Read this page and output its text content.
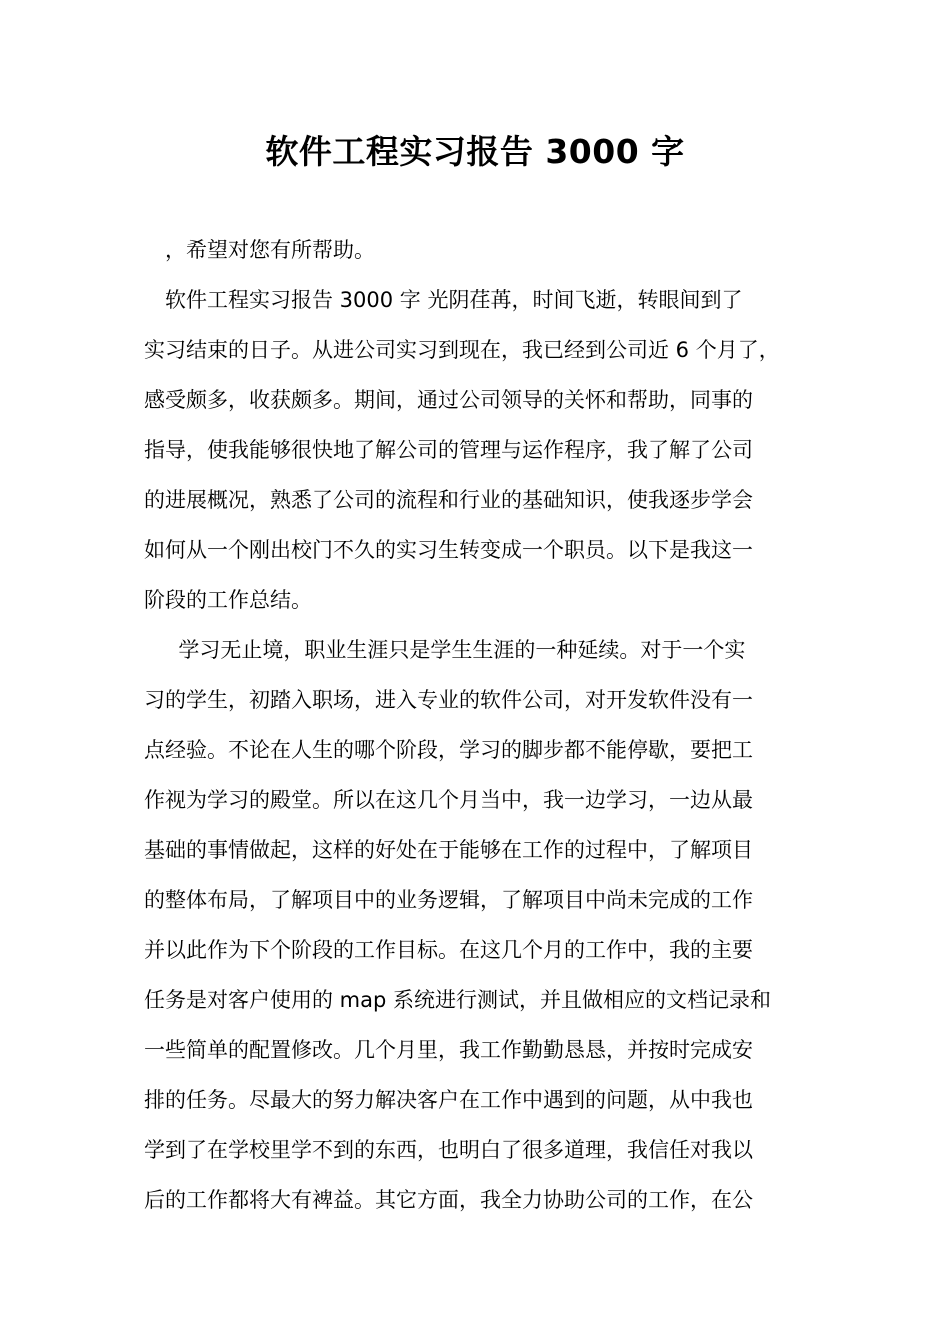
软件工程实习报告 3000 字
　，希望对您有所帮助。
　软件工程实习报告 3000 字 光阴荏苒，时间飞逝，转眼间到了
实习结束的日子。从进公司实习到现在，我已经到公司近 6 个月了，
感受颇多，收获颇多。期间，通过公司领导的关怀和帮助，同事的
指导，使我能够很快地了解公司的管理与运作程序，我了解了公司
的进展概况，熟悉了公司的流程和行业的基础知识，使我逐步学会
如何从一个刚出校门不久的实习生转变成一个职员。以下是我这一
阶段的工作总结。
　  学习无止境，职业生涯只是学生生涯的一种延续。对于一个实
习的学生，初踏入职场，进入专业的软件公司，对开发软件没有一
点经验。不论在人生的哪个阶段，学习的脚步都不能停歇，要把工
作视为学习的殿堂。所以在这几个月当中，我一边学习，一边从最
基础的事情做起，这样的好处在于能够在工作的过程中，了解项目
的整体布局，了解项目中的业务逻辑，了解项目中尚未完成的工作
并以此作为下个阶段的工作目标。在这几个月的工作中，我的主要
任务是对客户使用的 map 系统进行测试，并且做相应的文档记录和
一些简单的配置修改。几个月里，我工作勤勤恳恳，并按时完成安
排的任务。尽最大的努力解决客户在工作中遇到的问题，从中我也
学到了在学校里学不到的东西，也明白了很多道理，我信任对我以
后的工作都将大有裨益。其它方面，我全力协助公司的工作，在公
